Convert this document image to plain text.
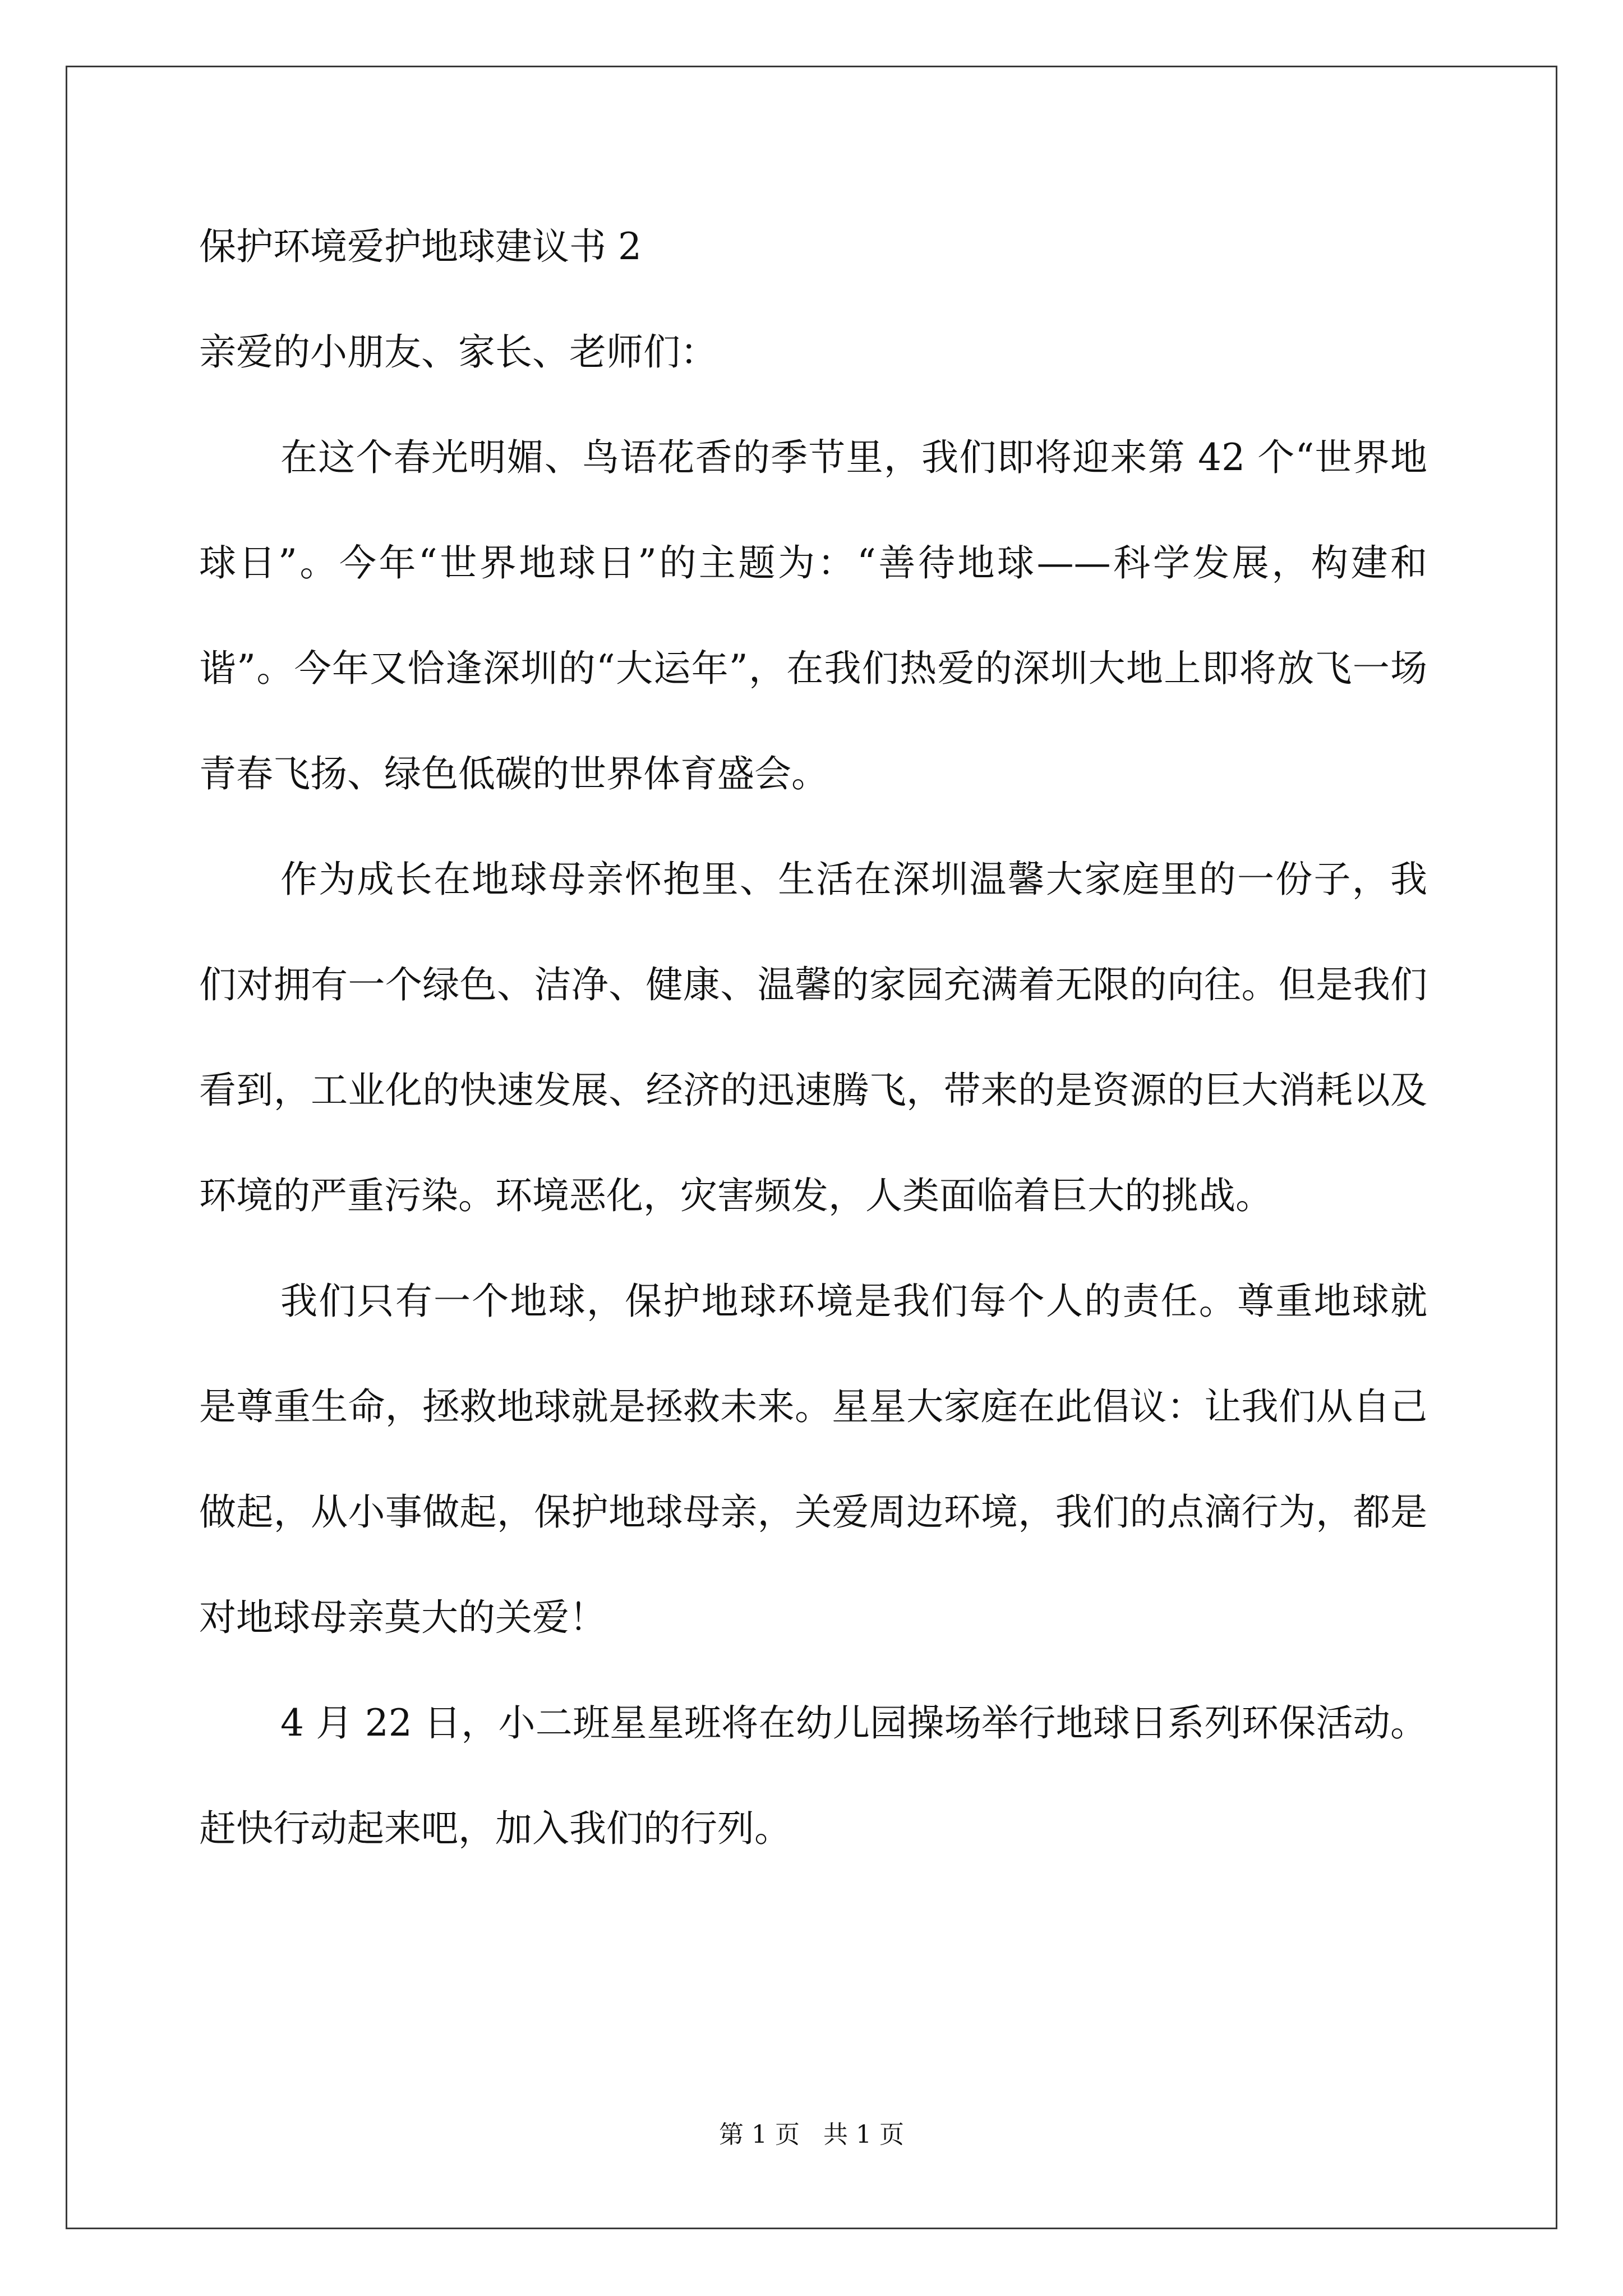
保护环境爱护地球建议书 2
亲爱的小朋友、家长、老师们：

在这个春光明媚、鸟语花香的季节里，我们即将迎来第 42 个“世界地球日”。今年“世界地球日”的主题为：“善待地球——科学发展，构建和谐”。今年又恰逢深圳的“大运年”，在我们热爱的深圳大地上即将放飞一场青春飞扬、绿色低碳的世界体育盛会。

作为成长在地球母亲怀抱里、生活在深圳温馨大家庭里的一份子，我们对拥有一个绿色、洁净、健康、温馨的家园充满着无限的向往。但是我们看到，工业化的快速发展、经济的迅速腾飞，带来的是资源的巨大消耗以及环境的严重污染。环境恶化，灾害频发，人类面临着巨大的挑战。

我们只有一个地球，保护地球环境是我们每个人的责任。尊重地球就是尊重生命，拯救地球就是拯救未来。星星大家庭在此倡议：让我们从自己做起，从小事做起，保护地球母亲，关爱周边环境，我们的点滴行为，都是对地球母亲莫大的关爱！

4 月 22 日，小二班星星班将在幼儿园操场举行地球日系列环保活动。赶快行动起来吧，加入我们的行列。

第 1 页   共 1 页
